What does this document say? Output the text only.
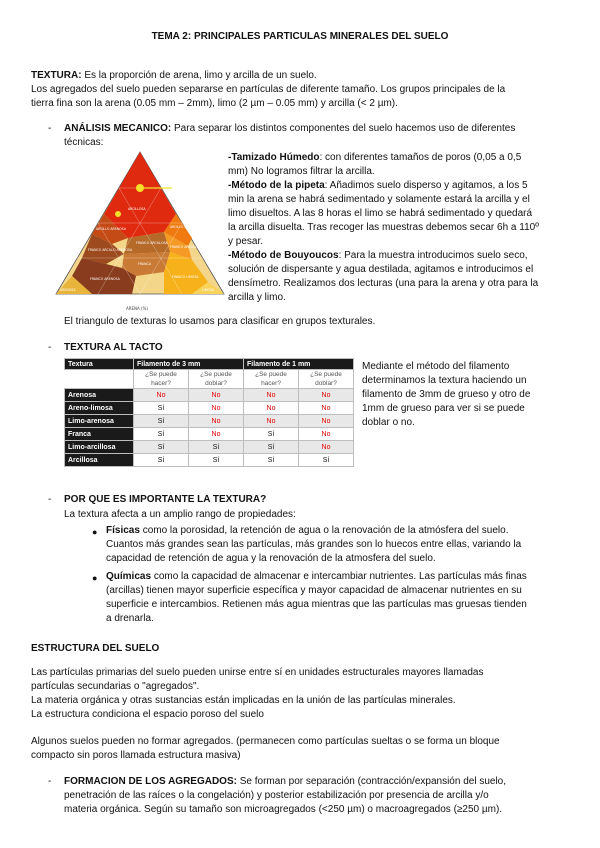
TEMA 2: PRINCIPALES PARTICULAS MINERALES DEL SUELO

TEXTURA: Es la proporción de arena, limo y arcilla de un suelo.

Los agregados del suelo pueden separarse en partículas de diferente tamaño. Los grupos principales de la

tierra fina son la arena (0.05 mm – 2mm), limo (2 µm – 0.05 mm) y arcilla (< 2 µm).

- ANÁLISIS MECANICO: Para separar los distintos componentes del suelo hacemos uso de diferentes

técnicas:

ARCILLOSA
ARCILLO LIMOSA
ARCILLO ARENOSA
FRANCO ARCILLO ARENOSA
FRANCO ARCILLO LIMOSA
FRANCO ARCILLOSA
FRANCA
FRANCO ARENOSA	FRANCO LIMOSA
LIMOSA
ARENOSA
ARENA (%)

-Tamizado Húmedo: con diferentes tamaños de poros (0,05 a 0,5

mm) No logramos filtrar la arcilla.

-Método de la pipeta: Añadimos suelo disperso y agitamos, a los 5

min la arena se habrá sedimentado y solamente estará la arcilla y el

limo disueltos. A las 8 horas el limo se habrá sedimentado y quedará

la arcilla disuelta. Tras recoger las muestras debemos secar 6h a 110º

y pesar.

-Método de Bouyoucos: Para la muestra introducimos suelo seco,

solución de dispersante y agua destilada, agitamos e introducimos el

densímetro. Realizamos dos lecturas (una para la arena y otra para la

arcilla y limo.

El triangulo de texturas lo usamos para clasificar en grupos texturales.
- TEXTURA AL TACTO
Textura	Filamento de 3 mm		Filamento de 1 mm	
	¿Se puede hacer?	¿Se puede doblar?	¿Se puede hacer?	¿Se puede doblar?
Arenosa	No	No	No	No
Areno-limosa	Sí	No	No	No
Limo-arenosa	Sí	No	No	No
Franca	Sí	No	Sí	No
Limo-arcillosa	Sí	Sí	Sí	No
Arcillosa	Sí	Sí	Sí	Sí

Mediante el método del filamento

determinamos la textura haciendo un

filamento de 3mm de grueso y otro de

1mm de grueso para ver si se puede

doblar o no.

- POR QUE ES IMPORTANTE LA TEXTURA?
La textura afecta a un amplio rango de propiedades:
● Físicas como la porosidad, la retención de agua o la renovación de la atmósfera del suelo.

Cuantos más grandes sean las partículas, más grandes son lo huecos entre ellas, variando la

capacidad de retención de agua y la renovación de la atmosfera del suelo.

● Químicas como la capacidad de almacenar e intercambiar nutrientes. Las partículas más finas

(arcillas) tienen mayor superficie específica y mayor capacidad de almacenar nutrientes en su

superficie e intercambios. Retienen más agua mientras que las partículas mas gruesas tienden

a drenarla.

ESTRUCTURA DEL SUELO

Las partículas primarias del suelo pueden unirse entre sí en unidades estructurales mayores llamadas

partículas secundarias o "agregados".

La materia orgánica y otras sustancias están implicadas en la unión de las partículas minerales.

La estructura condiciona el espacio poroso del suelo

Algunos suelos pueden no formar agregados. (permanecen como partículas sueltas o se forma un bloque

compacto sin poros llamada estructura masiva)

- FORMACION DE LOS AGREGADOS: Se forman por separación (contracción/expansión del suelo,

penetración de las raíces o la congelación) y posterior estabilización por presencia de arcilla y/o

materia orgánica. Según su tamaño son microagregados (<250 µm) o macroagregados (≥250 µm).
